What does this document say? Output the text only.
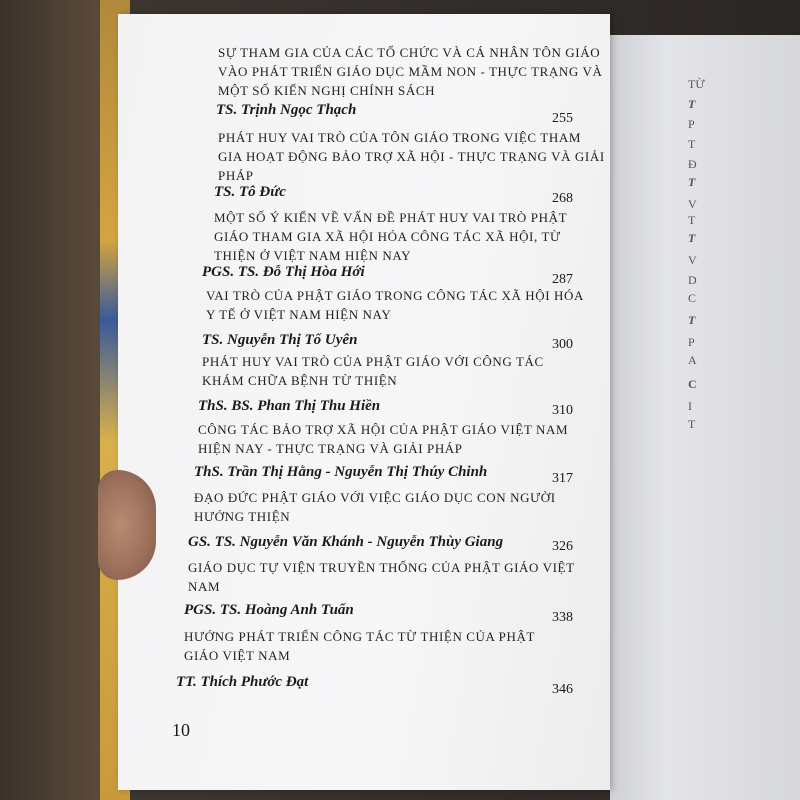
TỪ
T
P
T
Đ
T
V
T
T
V
D
C
T
P
A
C
I
T
SỰ THAM GIA CỦA CÁC TỔ CHỨC VÀ CÁ NHÂN TÔN GIÁO
VÀO PHÁT TRIỂN GIÁO DỤC MẦM NON - THỰC TRẠNG VÀ
MỘT SỐ KIẾN NGHỊ CHÍNH SÁCH
TS. Trịnh Ngọc Thạch
255
PHÁT HUY VAI TRÒ CỦA TÔN GIÁO TRONG VIỆC THAM
GIA HOẠT ĐỘNG BẢO TRỢ XÃ HỘI - THỰC TRẠNG VÀ GIẢI
PHÁP
TS. Tô Đức	268
MỘT SỐ Ý KIẾN VỀ VẤN ĐỀ PHÁT HUY VAI TRÒ PHẬT
GIÁO THAM GIA XÃ HỘI HÓA CÔNG TÁC XÃ HỘI, TỪ
THIỆN Ở VIỆT NAM HIỆN NAY
PGS. TS. Đỗ Thị Hòa Hới	287
VAI TRÒ CỦA PHẬT GIÁO TRONG CÔNG TÁC XÃ HỘI HÓA
Y TẾ Ở VIỆT NAM HIỆN NAY
TS. Nguyễn Thị Tố Uyên	300
PHÁT HUY VAI TRÒ CỦA PHẬT GIÁO VỚI CÔNG TÁC
KHÁM CHỮA BỆNH TỪ THIỆN
ThS. BS. Phan Thị Thu Hiền	310
CÔNG TÁC BẢO TRỢ XÃ HỘI CỦA PHẬT GIÁO VIỆT NAM
HIỆN NAY - THỰC TRẠNG VÀ GIẢI PHÁP
ThS. Trần Thị Hằng - Nguyễn Thị Thúy Chinh	317
ĐẠO ĐỨC PHẬT GIÁO VỚI VIỆC GIÁO DỤC CON NGƯỜI
HƯỚNG THIỆN
GS. TS. Nguyễn Văn Khánh - Nguyễn Thùy Giang	326
GIÁO DỤC TỰ VIỆN TRUYỀN THỐNG CỦA PHẬT GIÁO VIỆT
NAM
PGS. TS. Hoàng Anh Tuấn	338
HƯỚNG PHÁT TRIỂN CÔNG TÁC TỪ THIỆN CỦA PHẬT
GIÁO VIỆT NAM
TT. Thích Phước Đạt	346
10
